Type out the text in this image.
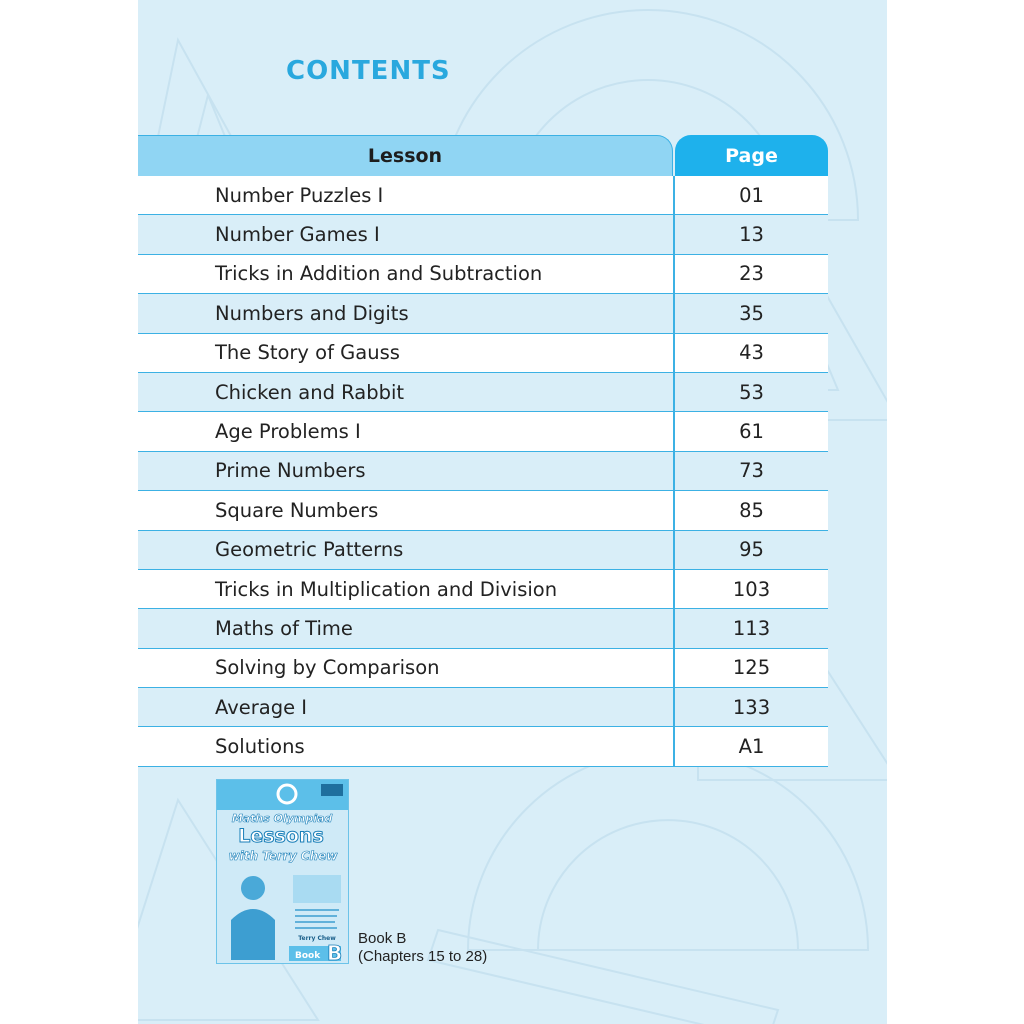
CONTENTS
Lesson	Page
Number Puzzles I	01
Number Games I	13
Tricks in Addition and Subtraction	23
Numbers and Digits	35
The Story of Gauss	43
Chicken and Rabbit	53
Age Problems I	61
Prime Numbers	73
Square Numbers	85
Geometric Patterns	95
Tricks in Multiplication and Division	103
Maths of Time	113
Solving by Comparison	125
Average I	133
Solutions	A1
Maths Olympiad
Lessons
with Terry Chew
Terry Chew
Book B
Book B
(Chapters 15 to 28)
